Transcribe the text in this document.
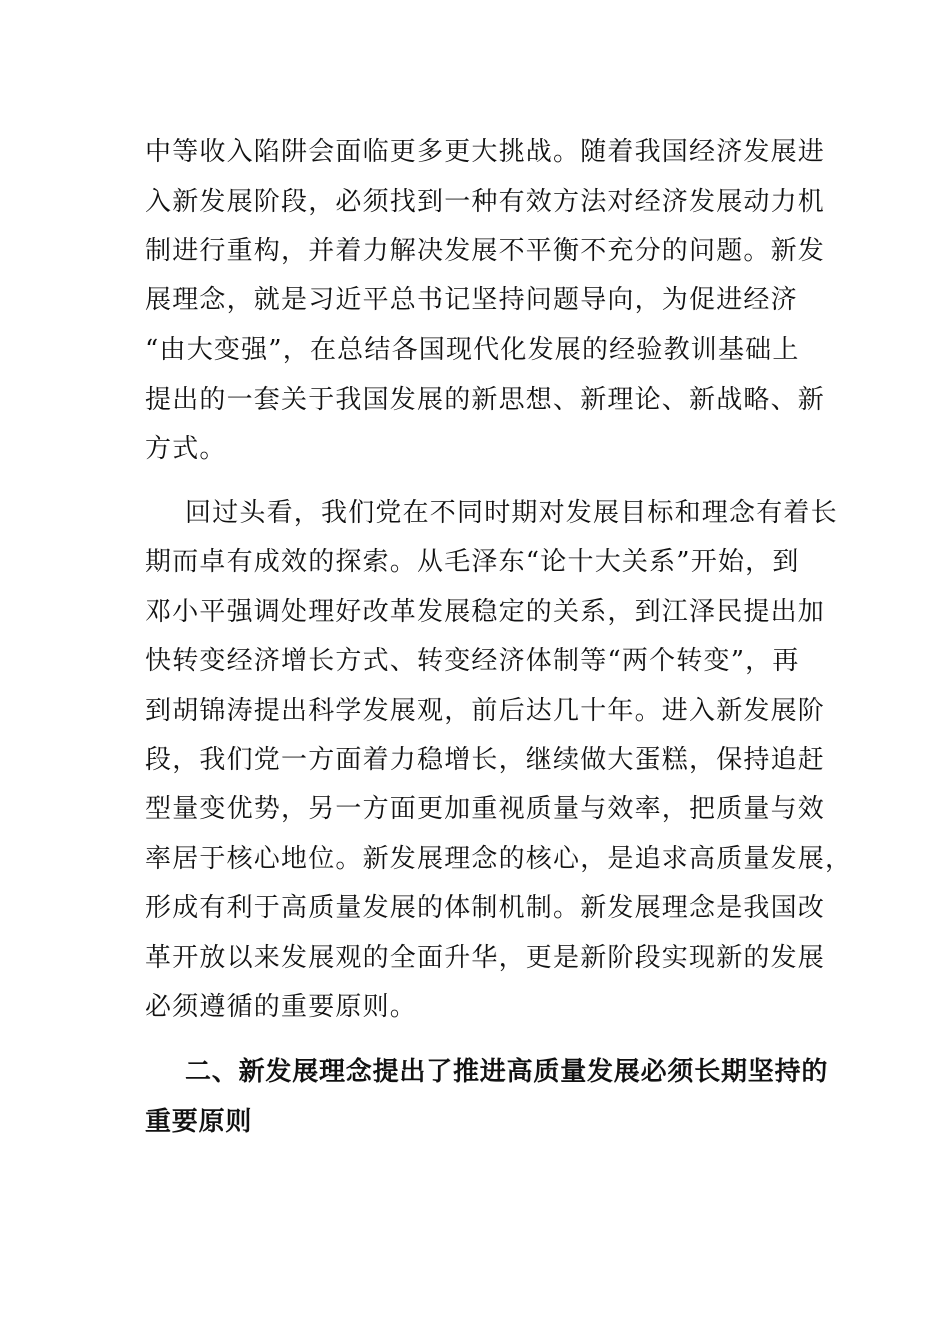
中等收入陷阱会面临更多更大挑战。随着我国经济发展进
入新发展阶段，必须找到一种有效方法对经济发展动力机
制进行重构，并着力解决发展不平衡不充分的问题。新发
展理念，就是习近平总书记坚持问题导向，为促进经济
“由大变强”，在总结各国现代化发展的经验教训基础上
提出的一套关于我国发展的新思想、新理论、新战略、新
方式。
回过头看，我们党在不同时期对发展目标和理念有着长
期而卓有成效的探索。从毛泽东“论十大关系”开始，到
邓小平强调处理好改革发展稳定的关系，到江泽民提出加
快转变经济增长方式、转变经济体制等“两个转变”，再
到胡锦涛提出科学发展观，前后达几十年。进入新发展阶
段，我们党一方面着力稳增长，继续做大蛋糕，保持追赶
型量变优势，另一方面更加重视质量与效率，把质量与效
率居于核心地位。新发展理念的核心，是追求高质量发展，
形成有利于高质量发展的体制机制。新发展理念是我国改
革开放以来发展观的全面升华，更是新阶段实现新的发展
必须遵循的重要原则。
二、新发展理念提出了推进高质量发展必须长期坚持的
重要原则
